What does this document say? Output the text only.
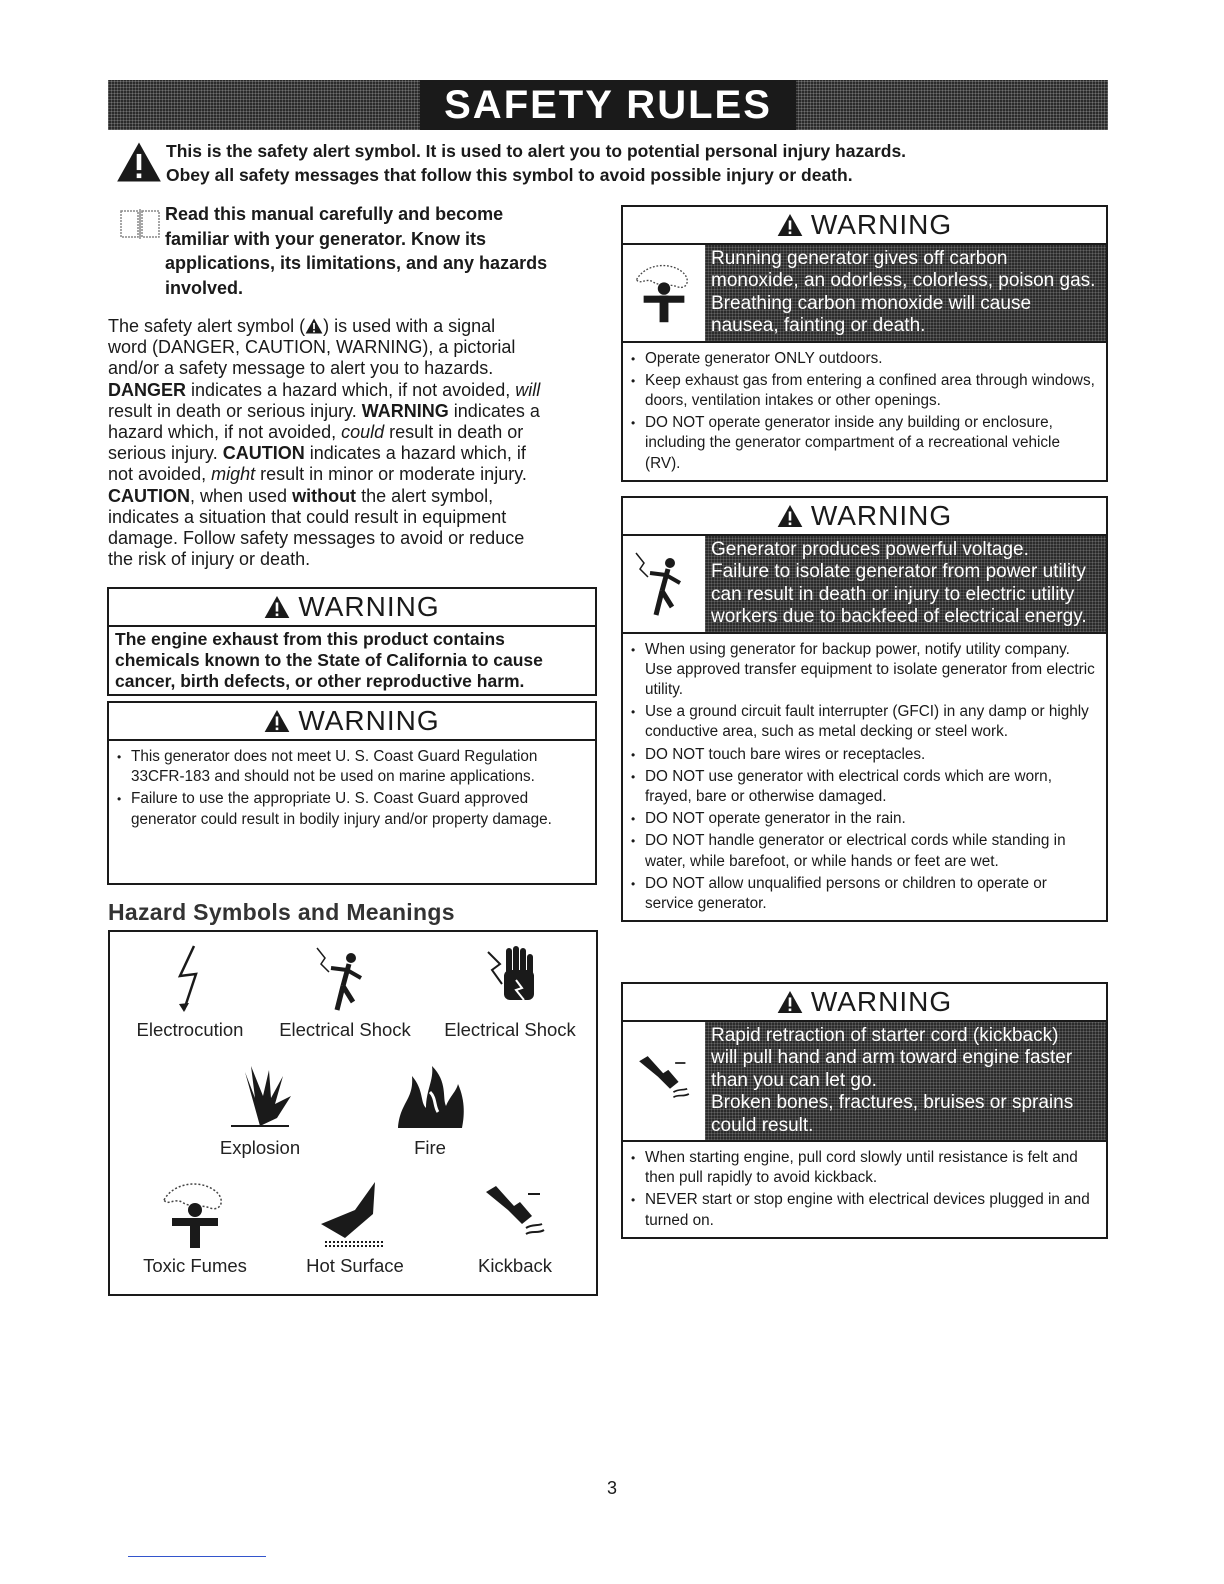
SAFETY RULES
This is the safety alert symbol. It is used to alert you to potential personal injury hazards.
Obey all safety messages that follow this symbol to avoid possible injury or death.
Read this manual carefully and become
familiar with your generator. Know its
applications, its limitations, and any hazards
involved.
The safety alert symbol ( ) is used with a signal
word (DANGER, CAUTION, WARNING), a pictorial
and/or a safety message to alert you to hazards.
DANGER indicates a hazard which, if not avoided, will
result in death or serious injury. WARNING indicates a
hazard which, if not avoided, could result in death or
serious injury. CAUTION indicates a hazard which, if
not avoided, might result in minor or moderate injury.
CAUTION, when used without the alert symbol,
indicates a situation that could result in equipment
damage. Follow safety messages to avoid or reduce
the risk of injury or death.
WARNING
The engine exhaust from this product contains
chemicals known to the State of California to cause
cancer, birth defects, or other reproductive harm.
WARNING
• This generator does not meet U. S. Coast Guard Regulation 33CFR-183 and should not be used on marine applications.
• Failure to use the appropriate U. S. Coast Guard approved generator could result in bodily injury and/or property damage.
Hazard Symbols and Meanings
Electrocution	Electrical Shock	Electrical Shock
Explosion	Fire
Toxic Fumes	Hot Surface	Kickback
WARNING
Running generator gives off carbon
monoxide, an odorless, colorless, poison gas.
Breathing carbon monoxide will cause
nausea, fainting or death.
• Operate generator ONLY outdoors.
• Keep exhaust gas from entering a confined area through windows, doors, ventilation intakes or other openings.
• DO NOT operate generator inside any building or enclosure, including the generator compartment of a recreational vehicle (RV).
WARNING
Generator produces powerful voltage.
Failure to isolate generator from power utility
can result in death or injury to electric utility
workers due to backfeed of electrical energy.
• When using generator for backup power, notify utility company. Use approved transfer equipment to isolate generator from electric utility.
• Use a ground circuit fault interrupter (GFCI) in any damp or highly conductive area, such as metal decking or steel work.
• DO NOT touch bare wires or receptacles.
• DO NOT use generator with electrical cords which are worn, frayed, bare or otherwise damaged.
• DO NOT operate generator in the rain.
• DO NOT handle generator or electrical cords while standing in water, while barefoot, or while hands or feet are wet.
• DO NOT allow unqualified persons or children to operate or service generator.
WARNING
Rapid retraction of starter cord (kickback)
will pull hand and arm toward engine faster
than you can let go.
Broken bones, fractures, bruises or sprains
could result.
• When starting engine, pull cord slowly until resistance is felt and then pull rapidly to avoid kickback.
• NEVER start or stop engine with electrical devices plugged in and turned on.
3
